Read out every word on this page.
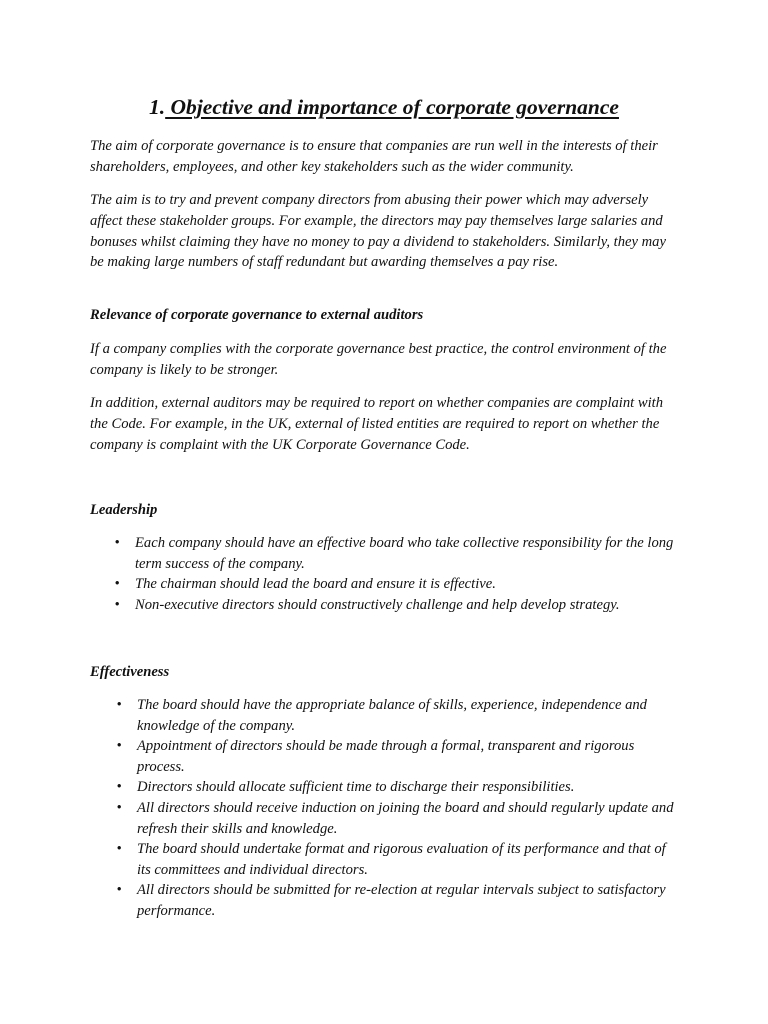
1. Objective and importance of corporate governance

The aim of corporate governance is to ensure that companies are run well in the interests of their shareholders, employees, and other key stakeholders such as the wider community.

The aim is to try and prevent company directors from abusing their power which may adversely affect these stakeholder groups. For example, the directors may pay themselves large salaries and bonuses whilst claiming they have no money to pay a dividend to stakeholders. Similarly, they may be making large numbers of staff redundant but awarding themselves a pay rise.

Relevance of corporate governance to external auditors

If a company complies with the corporate governance best practice, the control environment of the company is likely to be stronger.

In addition, external auditors may be required to report on whether companies are complaint with the Code. For example, in the UK, external of listed entities are required to report on whether the company is complaint with the UK Corporate Governance Code.

Leadership

• Each company should have an effective board who take collective responsibility for the long term success of the company.
• The chairman should lead the board and ensure it is effective.
• Non-executive directors should constructively challenge and help develop strategy.

Effectiveness

• The board should have the appropriate balance of skills, experience, independence and knowledge of the company.
• Appointment of directors should be made through a formal, transparent and rigorous process.
• Directors should allocate sufficient time to discharge their responsibilities.
• All directors should receive induction on joining the board and should regularly update and refresh their skills and knowledge.
• The board should undertake format and rigorous evaluation of its performance and that of its committees and individual directors.
• All directors should be submitted for re-election at regular intervals subject to satisfactory performance.
